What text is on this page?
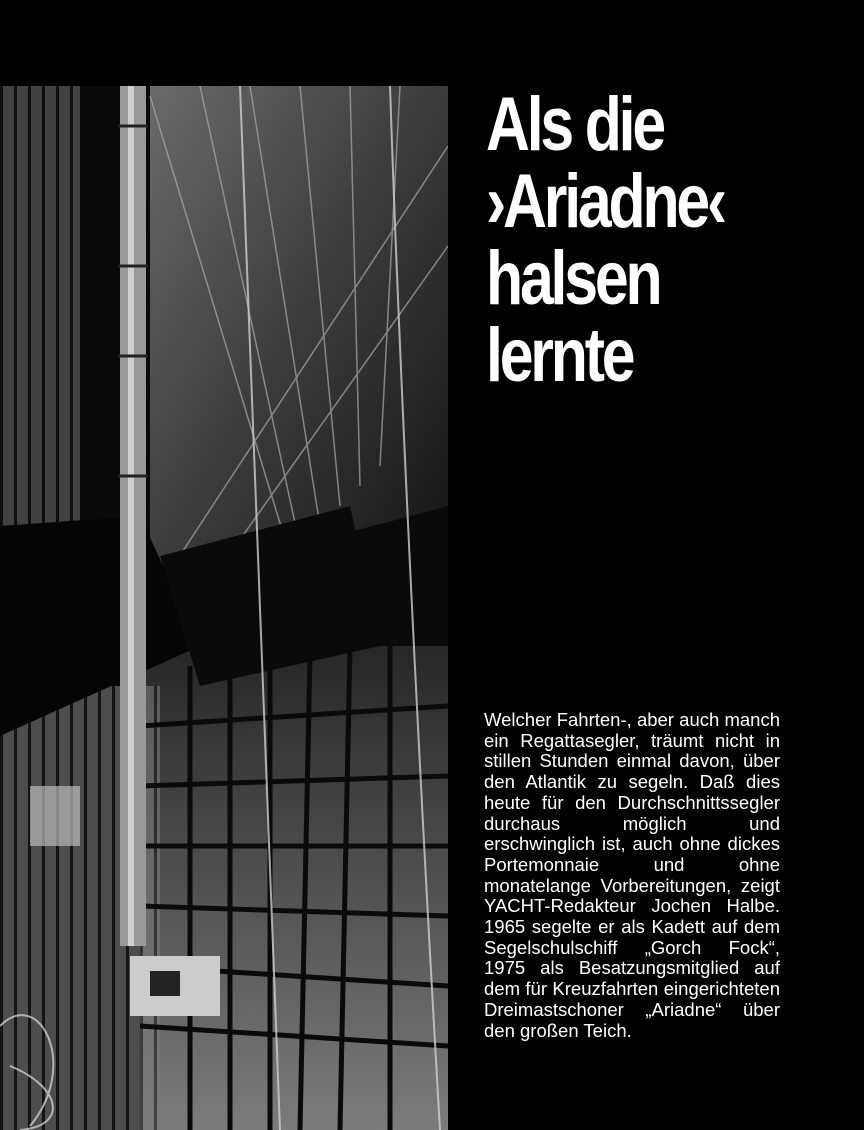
Als die
›Ariadne‹
halsen
lernte
Welcher Fahrten-, aber auch manch ein Regattasegler, träumt nicht in stillen Stunden einmal davon, über den Atlantik zu segeln. Daß dies heute für den Durchschnittssegler durchaus möglich und erschwinglich ist, auch ohne dickes Portemonnaie und ohne monatelange Vorbereitungen, zeigt YACHT-Redakteur Jochen Halbe. 1965 segelte er als Kadett auf dem Segelschulschiff „Gorch Fock“, 1975 als Besatzungsmitglied auf dem für Kreuzfahrten eingerichteten Dreimastschoner „Ariadne“ über den großen Teich.
